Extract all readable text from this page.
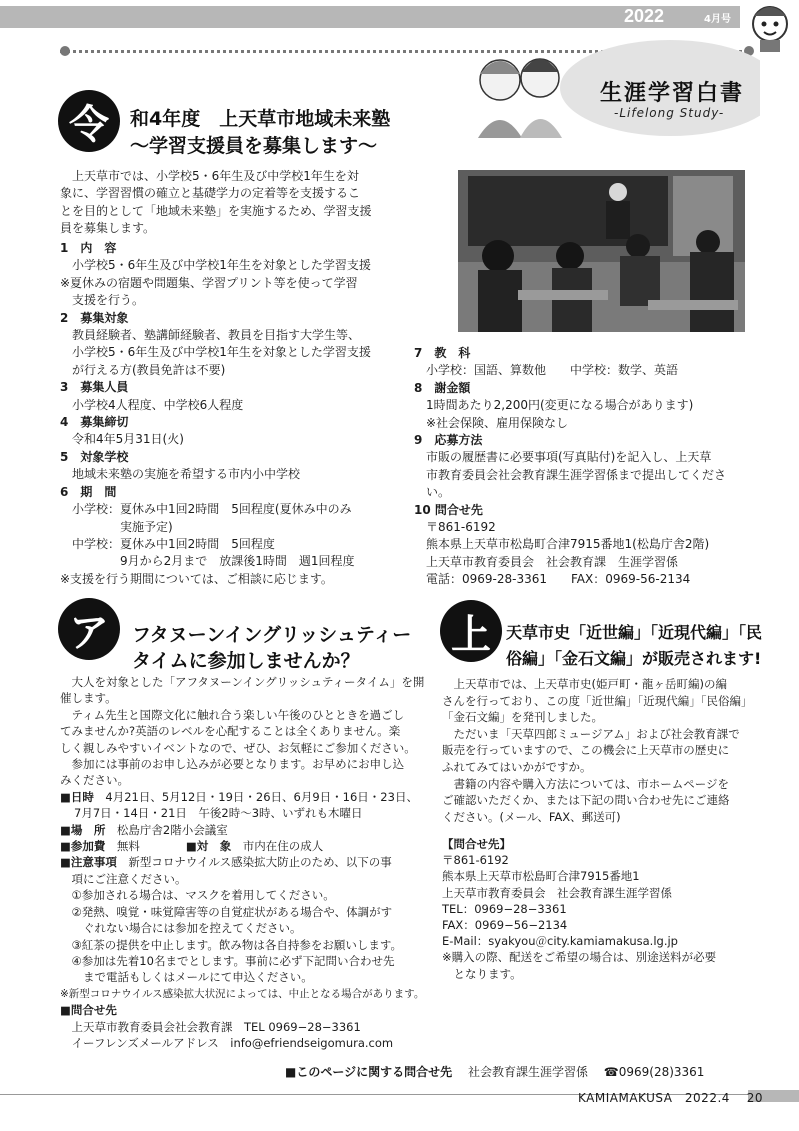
2022	4月号
生涯学習白書
-Lifelong Study-
令	和4年度　上天草市地域未来塾
～学習支援員を募集します～
　上天草市では、小学校5・6年生及び中学校1年生を対
象に、学習習慣の確立と基礎学力の定着等を支援するこ
とを目的として「地域未来塾」を実施するため、学習支援
員を募集します。
1　内　容
　小学校5・6年生及び中学校1年生を対象とした学習支援
※夏休みの宿題や問題集、学習プリント等を使って学習
　支援を行う。
2　募集対象
　教員経験者、塾講師経験者、教員を目指す大学生等、
　小学校5・6年生及び中学校1年生を対象とした学習支援
　が行える方(教員免許は不要)
3　募集人員
　小学校4人程度、中学校6人程度
4　募集締切
　令和4年5月31日(火)
5　対象学校
　地域未来塾の実施を希望する市内小中学校
6　期　間
　小学校：夏休み中1回2時間　5回程度(夏休み中のみ
　　　　　実施予定)
　中学校：夏休み中1回2時間　5回程度
　　　　　9月から2月まで　放課後1時間　週1回程度
※支援を行う期間については、ご相談に応じます。
7　教　科
　小学校：国語、算数他　　中学校：数学、英語
8　謝金額
　1時間あたり2,200円(変更になる場合があります)
　※社会保険、雇用保険なし
9　応募方法
　市販の履歴書に必要事項(写真貼付)を記入し、上天草
　市教育委員会社会教育課生涯学習係まで提出してくださ
　い。
10 問合せ先
　〒861-6192
　熊本県上天草市松島町合津7915番地1(松島庁舎2階)
　上天草市教育委員会　社会教育課　生涯学習係
　電話：0969-28-3361　　FAX：0969-56-2134
ア	フタヌーンイングリッシュティー
タイムに参加しませんか？
　大人を対象とした「アフタヌーンイングリッシュティータイム」を開
催します。
　ティム先生と国際文化に触れ合う楽しい午後のひとときを過ごし
てみませんか?英語のレベルを心配することは全くありません。楽
しく親しみやすいイベントなので、ぜひ、お気軽にご参加ください。
　参加には事前のお申し込みが必要となります。お早めにお申し込
みください。
■日時　4月21日、5月12日・19日・26日、6月9日・16日・23日、
7月7日・14日・21日　午後2時～3時、いずれも木曜日
■場　所　 松島庁舎2階小会議室
■参加費　 無料　　　　	■対　象　 市内在住の成人
■注意事項　 新型コロナウイルス感染拡大防止のため、以下の事
　項にご注意ください。
　①参加される場合は、マスクを着用してください。
　②発熱、嗅覚・味覚障害等の自覚症状がある場合や、体調がす
　　ぐれない場合には参加を控えてください。
　③紅茶の提供を中止します。飲み物は各自持参をお願いします。
　④参加は先着10名までとします。事前に必ず下記問い合わせ先
　　まで電話もしくはメールにて申込ください。
※新型コロナウイルス感染拡大状況によっては、中止となる場合があります。
■問合せ先
　上天草市教育委員会社会教育課　TEL 0969−28−3361
　イーフレンズメールアドレス　info@efriendseigomura.com
上 天草市史「近世編」「近現代編」「民
俗編」「金石文編」が販売されます!
　上天草市では、上天草市史(姫戸町・龍ヶ岳町編)の編
さんを行っており、この度「近世編」「近現代編」「民俗編」
「金石文編」を発刊しました。
　ただいま「天草四郎ミュージアム」および社会教育課で
販売を行っていますので、この機会に上天草市の歴史に
ふれてみてはいかがですか。
　書籍の内容や購入方法については、市ホームページを
ご確認いただくか、または下記の問い合わせ先にご連絡
ください。(メール、FAX、郵送可)
【問合せ先】
〒861-6192
熊本県上天草市松島町合津7915番地1
上天草市教育委員会　社会教育課生涯学習係
TEL：0969−28−3361
FAX：0969−56−2134
E-Mail：syakyou＠city.kamiamakusa.lg.jp
※購入の際、配送をご希望の場合は、別途送料が必要
　となります。
■このページに関する問合せ先　 社会教育課生涯学習係　 ☎0969(28)3361
KAMIAMAKUSA　2022.4　 20
